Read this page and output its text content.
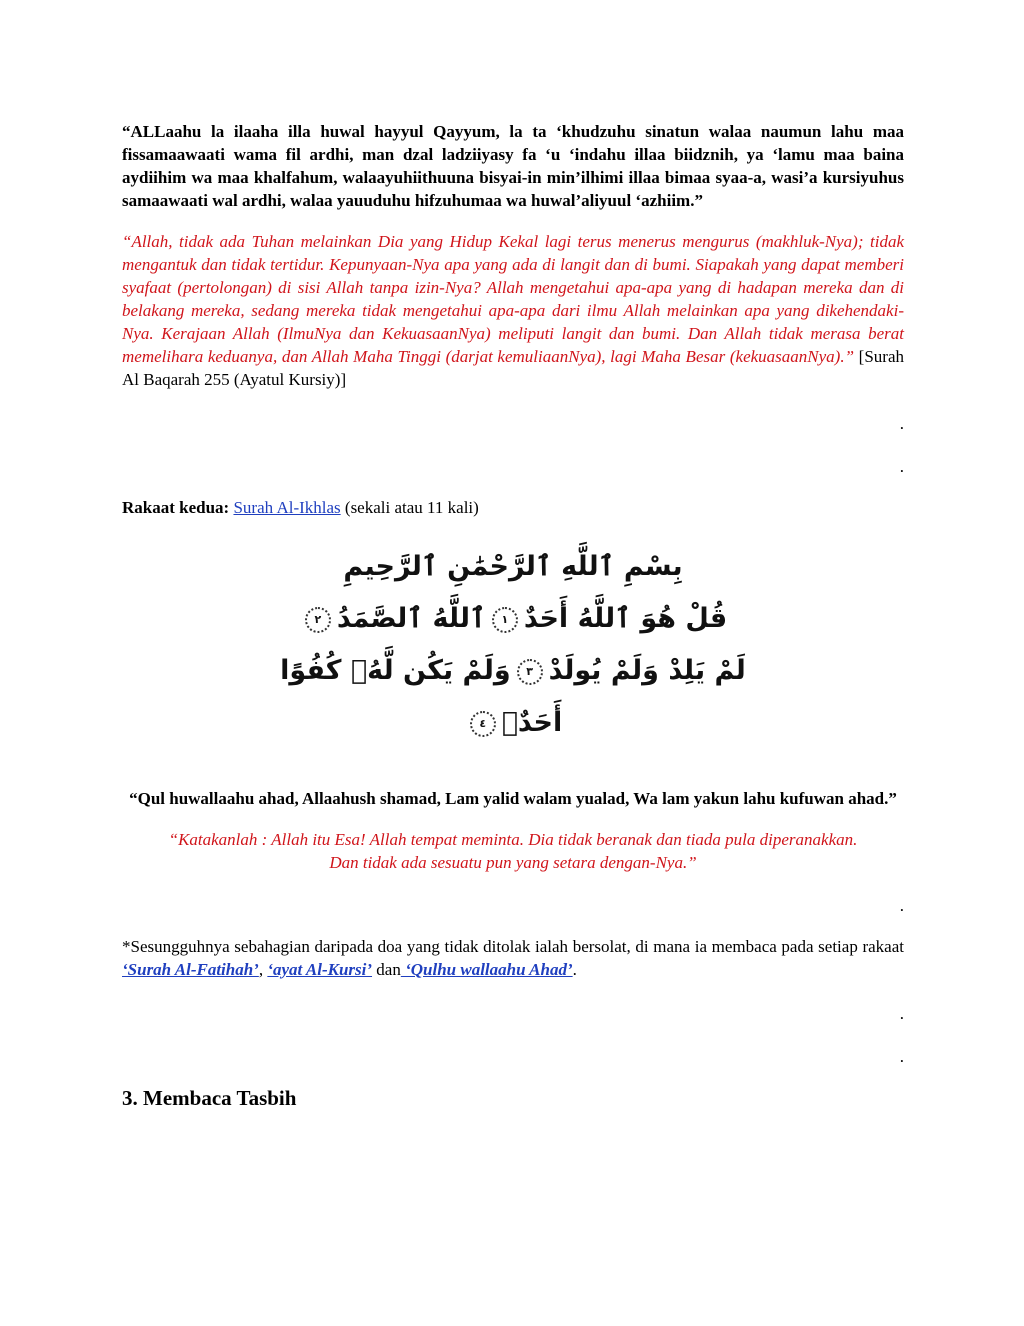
“ALLaahu la ilaaha illa huwal hayyul Qayyum, la ta ‘khudzuhu sinatun walaa naumun lahu maa fissamaawaati wama fil ardhi, man dzal ladziiyasy fa ‘u ‘indahu illaa biidznih, ya ‘lamu maa baina aydiihim wa maa khalfahum, walaayuhiithuuna bisyai-in min’ilhimi illaa bimaa syaa-a, wasi’a kursiyuhus samaawaati wal ardhi, walaa yauuduhu hifzuhumaa wa huwal’aliyuul ‘azhiim.”

“Allah, tidak ada Tuhan melainkan Dia yang Hidup Kekal lagi terus menerus mengurus (makhluk-Nya); tidak mengantuk dan tidak tertidur. Kepunyaan-Nya apa yang ada di langit dan di bumi. Siapakah yang dapat memberi syafaat (pertolongan) di sisi Allah tanpa izin-Nya? Allah mengetahui apa-apa yang di hadapan mereka dan di belakang mereka, sedang mereka tidak mengetahui apa-apa dari ilmu Allah melainkan apa yang dikehendaki-Nya. Kerajaan Allah (IlmuNya dan KekuasaanNya) meliputi langit dan bumi. Dan Allah tidak merasa berat memelihara keduanya, dan Allah Maha Tinggi (darjat kemuliaanNya), lagi Maha Besar (kekuasaanNya).” [Surah Al Baqarah 255 (Ayatul Kursiy)]

.

.

Rakaat kedua: Surah Al-Ikhlas (sekali atau 11 kali)

بِسْمِ ٱللَّهِ ٱلرَّحْمَٰنِ ٱلرَّحِيمِ
قُلْ هُوَ ٱللَّهُ أَحَدٌ١ٱللَّهُ ٱلصَّمَدُ٢
لَمْ يَلِدْ وَلَمْ يُولَدْ٣وَلَمْ يَكُن لَّهُۥ كُفُوًا أَحَدٌۢ٤

“Qul huwallaahu ahad, Allaahush shamad, Lam yalid walam yualad, Wa lam yakun lahu kufuwan ahad.”

“Katakanlah : Allah itu Esa! Allah tempat meminta. Dia tidak beranak dan tiada pula diperanakkan. Dan tidak ada sesuatu pun yang setara dengan-Nya.”

.

*Sesungguhnya sebahagian daripada doa yang tidak ditolak ialah bersolat, di mana ia membaca pada setiap rakaat ‘Surah Al-Fatihah’, ‘ayat Al-Kursi’ dan ‘Qulhu wallaahu Ahad’.

.

.

3. Membaca Tasbih
